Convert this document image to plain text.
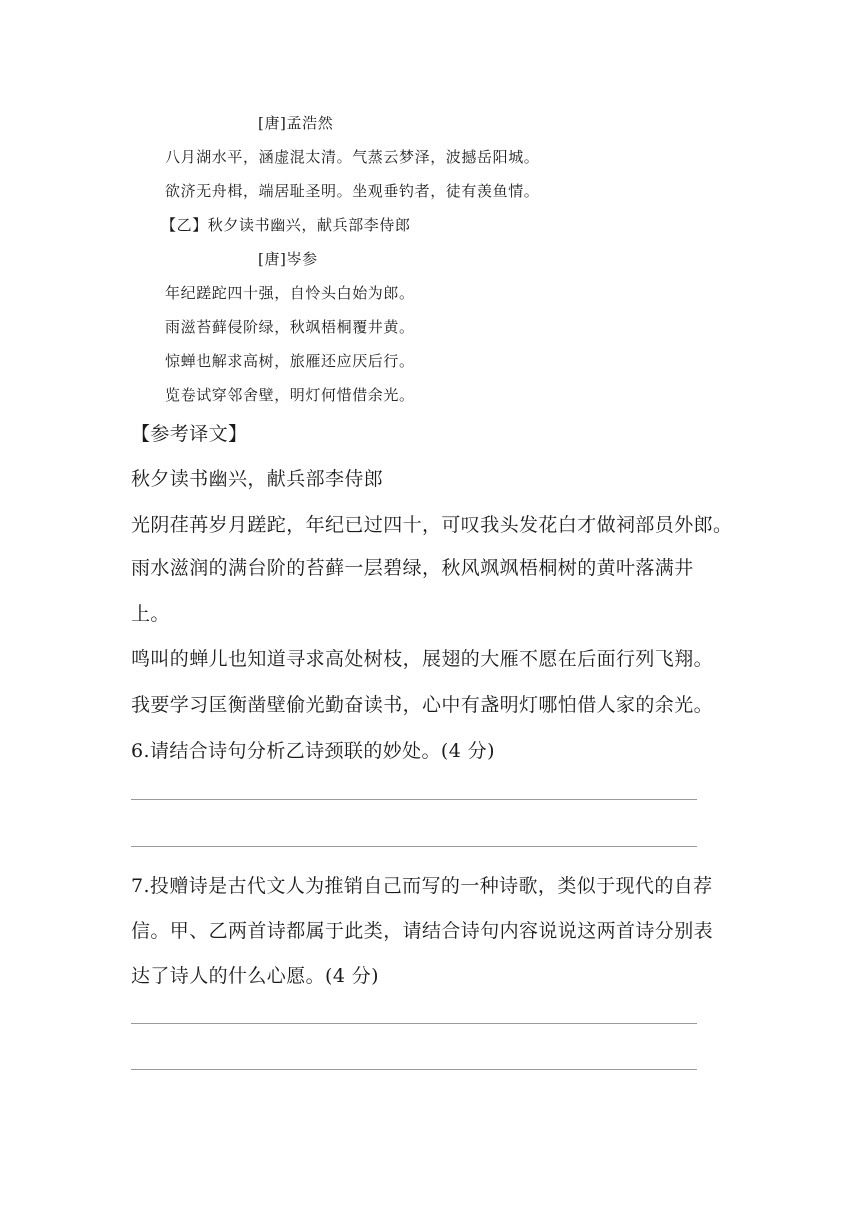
[唐]孟浩然
八月湖水平，涵虚混太清。气蒸云梦泽，波撼岳阳城。
欲济无舟楫，端居耻圣明。坐观垂钓者，徒有羡鱼情。
【乙】秋夕读书幽兴，献兵部李侍郎
[唐]岑参
年纪蹉跎四十强，自怜头白始为郎。
雨滋苔藓侵阶绿，秋飒梧桐覆井黄。
惊蝉也解求高树，旅雁还应厌后行。
览卷试穿邻舍壁，明灯何惜借余光。
【参考译文】
秋夕读书幽兴，献兵部李侍郎
光阴荏苒岁月蹉跎，年纪已过四十，可叹我头发花白才做祠部员外郎。
雨水滋润的满台阶的苔藓一层碧绿，秋风飒飒梧桐树的黄叶落满井
上。
鸣叫的蝉儿也知道寻求高处树枝，展翅的大雁不愿在后面行列飞翔。
我要学习匡衡凿壁偷光勤奋读书，心中有盏明灯哪怕借人家的余光。
6.请结合诗句分析乙诗颈联的妙处。(4 分)
7.投赠诗是古代文人为推销自己而写的一种诗歌，类似于现代的自荐
信。甲、乙两首诗都属于此类，请结合诗句内容说说这两首诗分别表
达了诗人的什么心愿。(4 分)
